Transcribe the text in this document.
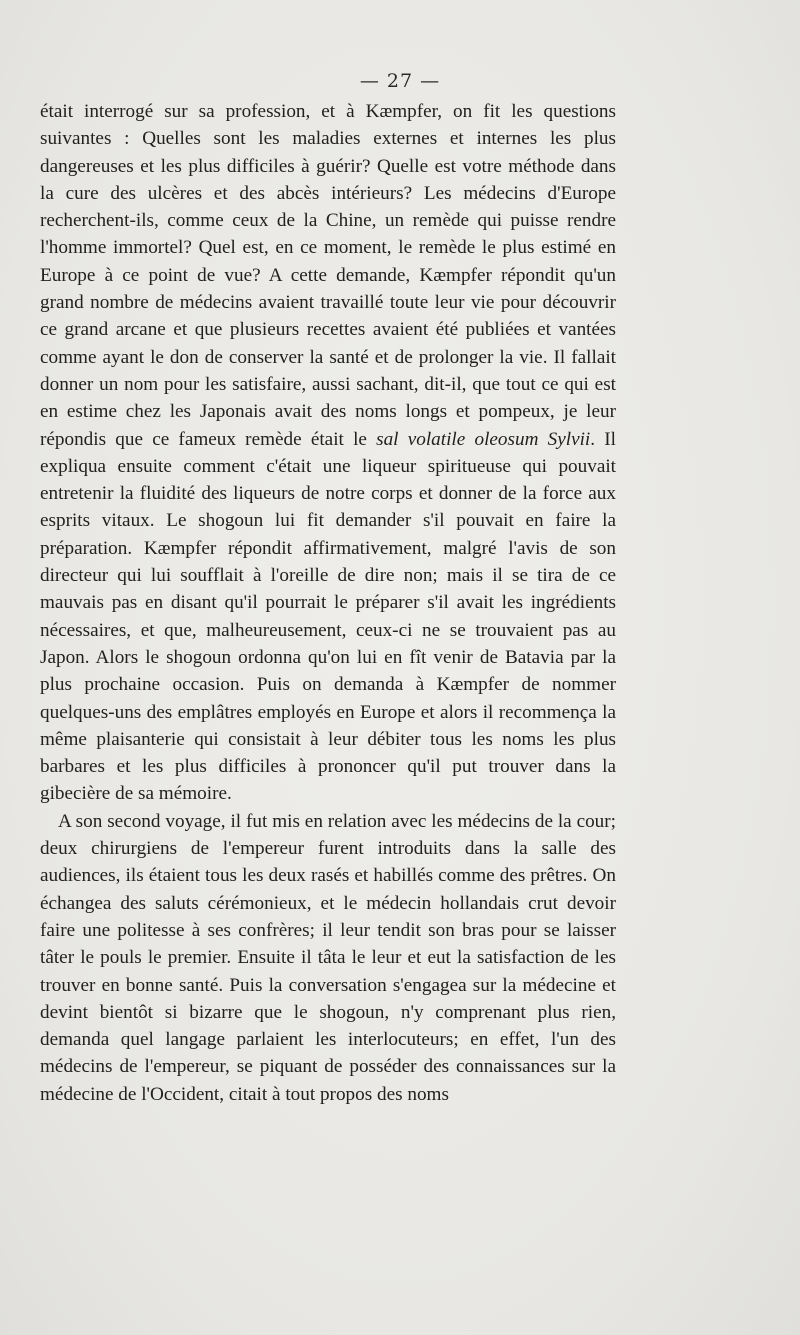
— 27 —

était interrogé sur sa profession, et à Kæmpfer, on fit les questions suivantes : Quelles sont les maladies externes et internes les plus dangereuses et les plus difficiles à guérir? Quelle est votre méthode dans la cure des ulcères et des abcès intérieurs? Les médecins d'Europe recherchent-ils, comme ceux de la Chine, un remède qui puisse rendre l'homme immortel? Quel est, en ce moment, le remède le plus estimé en Europe à ce point de vue? A cette demande, Kæmpfer répondit qu'un grand nombre de médecins avaient travaillé toute leur vie pour découvrir ce grand arcane et que plusieurs recettes avaient été publiées et vantées comme ayant le don de conserver la santé et de prolonger la vie. Il fallait donner un nom pour les satisfaire, aussi sachant, dit-il, que tout ce qui est en estime chez les Japonais avait des noms longs et pompeux, je leur répondis que ce fameux remède était le sal volatile oleosum Sylvii. Il expliqua ensuite comment c'était une liqueur spiritueuse qui pouvait entretenir la fluidité des liqueurs de notre corps et donner de la force aux esprits vitaux. Le shogoun lui fit demander s'il pouvait en faire la préparation. Kæmpfer répondit affirmativement, malgré l'avis de son directeur qui lui soufflait à l'oreille de dire non; mais il se tira de ce mauvais pas en disant qu'il pourrait le préparer s'il avait les ingrédients nécessaires, et que, malheureusement, ceux-ci ne se trouvaient pas au Japon. Alors le shogoun ordonna qu'on lui en fît venir de Batavia par la plus prochaine occasion. Puis on demanda à Kæmpfer de nommer quelques-uns des emplâtres employés en Europe et alors il recommença la même plaisanterie qui consistait à leur débiter tous les noms les plus barbares et les plus difficiles à prononcer qu'il put trouver dans la gibecière de sa mémoire.

A son second voyage, il fut mis en relation avec les médecins de la cour; deux chirurgiens de l'empereur furent introduits dans la salle des audiences, ils étaient tous les deux rasés et habillés comme des prêtres. On échangea des saluts cérémonieux, et le médecin hollandais crut devoir faire une politesse à ses confrères; il leur tendit son bras pour se laisser tâter le pouls le premier. Ensuite il tâta le leur et eut la satisfaction de les trouver en bonne santé. Puis la conversation s'engagea sur la médecine et devint bientôt si bizarre que le shogoun, n'y comprenant plus rien, demanda quel langage parlaient les interlocuteurs; en effet, l'un des médecins de l'empereur, se piquant de posséder des connaissances sur la médecine de l'Occident, citait à tout propos des noms
